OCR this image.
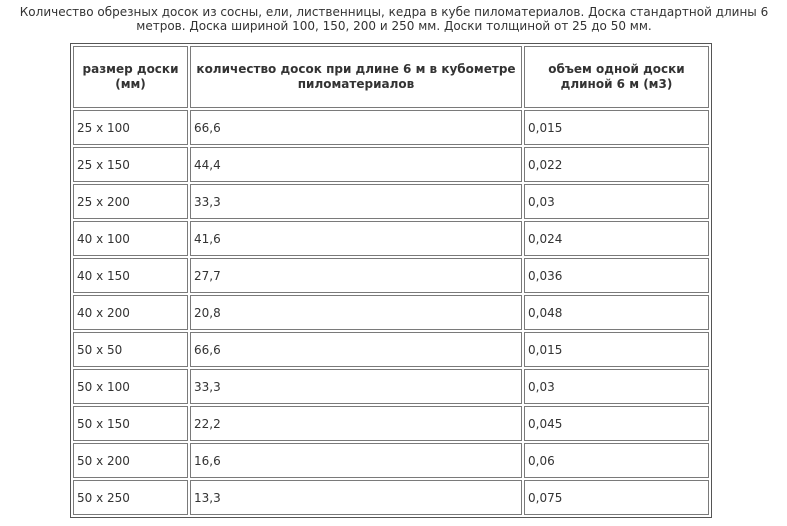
Количество обрезных досок из сосны, ели, лиственницы, кедра в кубе пиломатериалов. Доска стандартной длины 6 метров. Доска шириной 100, 150, 200 и 250 мм. Доски толщиной от 25 до 50 мм.
размер доски (мм)	количество досок при длине 6 м в кубометре пиломатериалов	объем одной доски длиной 6 м (м3)
25 x 100	66,6	0,015
25 x 150	44,4	0,022
25 x 200	33,3	0,03
40 x 100	41,6	0,024
40 x 150	27,7	0,036
40 x 200	20,8	0,048
50 x 50	66,6	0,015
50 x 100	33,3	0,03
50 x 150	22,2	0,045
50 x 200	16,6	0,06
50 x 250	13,3	0,075
